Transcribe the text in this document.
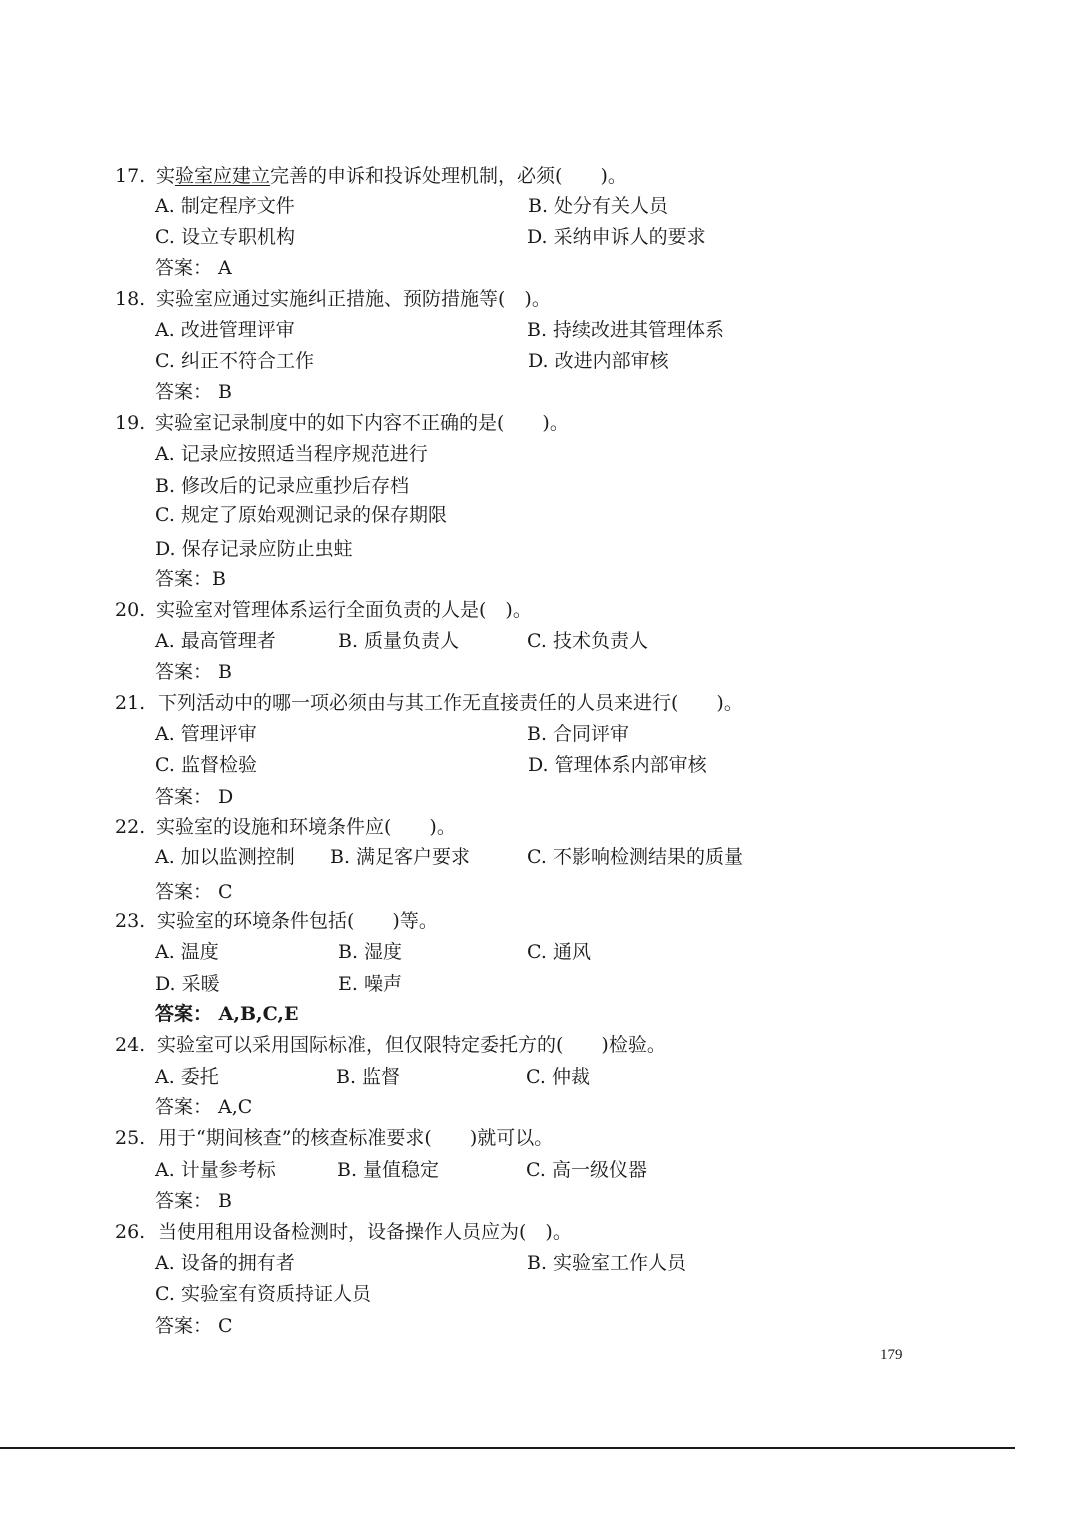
17. 实验室应建立完善的申诉和投诉处理机制，必须(　　)。
A. 制定程序文件	B. 处分有关人员
C. 设立专职机构	D. 采纳申诉人的要求
答案： A
18. 实验室应通过实施纠正措施、预防措施等(　)。
A. 改进管理评审	B. 持续改进其管理体系
C. 纠正不符合工作	D. 改进内部审核
答案： B
19. 实验室记录制度中的如下内容不正确的是(　　)。
A. 记录应按照适当程序规范进行
B. 修改后的记录应重抄后存档
C. 规定了原始观测记录的保存期限
D. 保存记录应防止虫蛀
答案：B
20. 实验室对管理体系运行全面负责的人是(　)。
A. 最高管理者	B. 质量负责人	C. 技术负责人
答案： B
21. 下列活动中的哪一项必须由与其工作无直接责任的人员来进行(　　)。
A. 管理评审	B. 合同评审
C. 监督检验	D. 管理体系内部审核
答案： D
22. 实验室的设施和环境条件应(　　)。
A. 加以监测控制 B. 满足客户要求	C. 不影响检测结果的质量
答案： C
23. 实验室的环境条件包括(　　)等。
A. 温度	B. 湿度	C. 通风
D. 采暖	E. 噪声
答案： A,B,C,E
24. 实验室可以采用国际标准，但仅限特定委托方的(　　)检验。
A. 委托	B. 监督	C. 仲裁
答案： A,C
25. 用于“期间核查”的核查标准要求(　　)就可以。
A. 计量参考标	B. 量值稳定	C. 高一级仪器
答案： B
26. 当使用租用设备检测时，设备操作人员应为(　)。
A. 设备的拥有者	B. 实验室工作人员
C. 实验室有资质持证人员
答案： C
179
